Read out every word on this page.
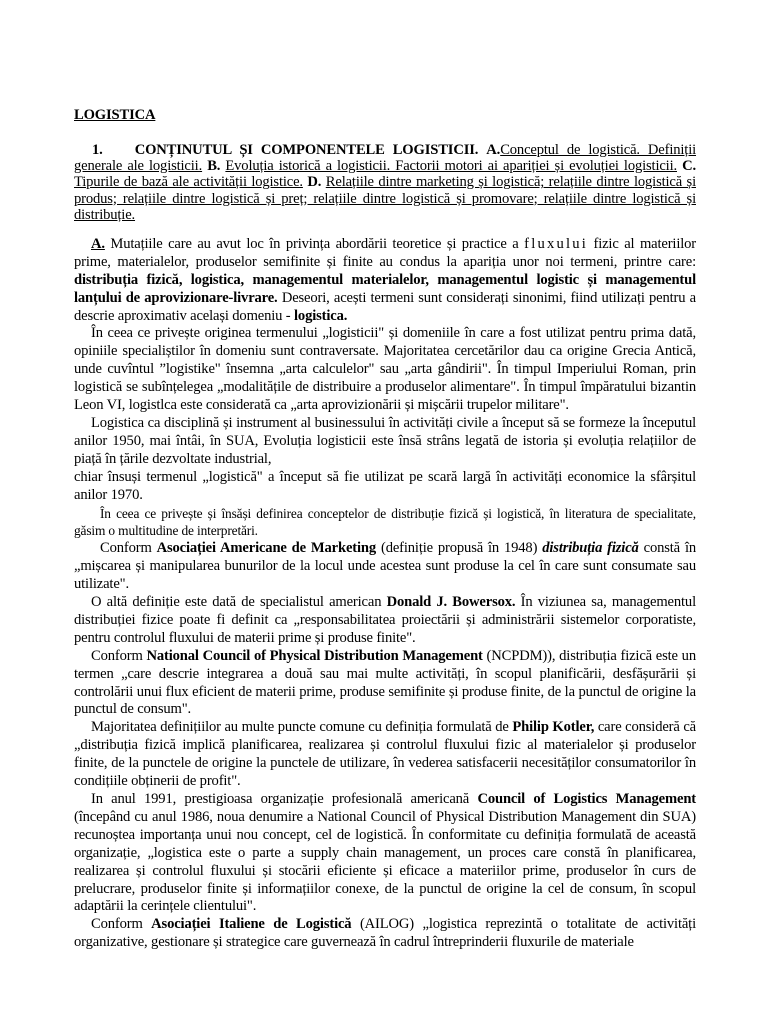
LOGISTICA
1. CONȚINUTUL ȘI COMPONENTELE LOGISTICII. A.Conceptul de logistică. Definiții generale ale logisticii. B. Evoluția istorică a logisticii. Factorii motori ai apariției și evoluției logisticii. C. Tipurile de bază ale activității logistice. D. Relațiile dintre marketing și logistică; relațiile dintre logistică și produs; relațiile dintre logistică și preț; relațiile dintre logistică și promovare; relațiile dintre logistică și distribuție.

A. Mutațiile care au avut loc în privința abordării teoretice și practice a fluxului fizic al materiilor prime, materialelor, produselor semifinite și finite au condus la apariția unor noi termeni, printre care: distribuția fizică, logistica, managementul materialelor, managementul logistic și managementul lanțului de aprovizionare-livrare. Deseori, acești termeni sunt considerați sinonimi, fiind utilizați pentru a descrie aproximativ același domeniu - logistica.

În ceea ce privește originea termenului „logisticii" și domeniile în care a fost utilizat pentru prima dată, opiniile specialiștilor în domeniu sunt contraversate. Majoritatea cercetărilor dau ca origine Grecia Antică, unde cuvîntul ”logistike" însemna „arta calculelor" sau „arta gândirii". În timpul Imperiului Roman, prin logistică se subînțelegea „modalitățile de distribuire a produselor alimentare". În timpul împăratului bizantin Leon VI, logistlca este considerată ca „arta aprovizionării și mișcării trupelor militare".

Logistica ca disciplină și instrument al businessului în activități civile a început să se formeze la începutul anilor 1950, mai întâi, în SUA, Evoluția logisticii este însă strâns legată de istoria și evoluția relațiilor de piață în țările dezvoltate industrial,

chiar însuși termenul „logistică" a început să fie utilizat pe scară largă în activități economice la sfârșitul anilor 1970.

În ceea ce privește și însăși definirea conceptelor de distribuție fizică și logistică, în literatura de specialitate, găsim o multitudine de interpretări.

Conform Asociației Americane de Marketing (definiție propusă în 1948) distribuția fizică constă în „mișcarea și manipularea bunurilor de la locul unde acestea sunt produse la cel în care sunt consumate sau utilizate".

O altă definiție este dată de specialistul american Donald J. Bowersox. În viziunea sa, managementul distribuției fizice poate fi definit ca „responsabilitatea proiectării și administrării sistemelor corporatiste, pentru controlul fluxului de materii prime și produse finite".

Conform National Council of Physical Distribution Management (NCPDM)), distribuția fizică este un termen „care descrie integrarea a două sau mai multe activități, în scopul planificării, desfășurării și controlării unui flux eficient de materii prime, produse semifinite și produse finite, de la punctul de origine la punctul de consum".

Majoritatea definițiilor au multe puncte comune cu definiția formulată de Philip Kotler, care consideră că „distribuția fizică implică planificarea, realizarea și controlul fluxului fizic al materialelor și produselor finite, de la punctele de origine la punctele de utilizare, în vederea satisfacerii necesităților consumatorilor în condițiile obținerii de profit".

In anul 1991, prestigioasa organizație profesională americană Council of Logistics Management (începând cu anul 1986, noua denumire a National Council of Physical Distribution Management din SUA) recunoștea importanța unui nou concept, cel de logistică. În conformitate cu definiția formulată de această organizație, „logistica este o parte a supply chain management, un proces care constă în planificarea, realizarea și controlul fluxului și stocării eficiente și eficace a materiilor prime, produselor în curs de prelucrare, produselor finite și informațiilor conexe, de la punctul de origine la cel de consum, în scopul adaptării la cerințele clientului".

Conform Asociației Italiene de Logistică (AILOG) „logistica reprezintă o totalitate de activități organizative, gestionare și strategice care guvernează în cadrul întreprinderii fluxurile de materiale
